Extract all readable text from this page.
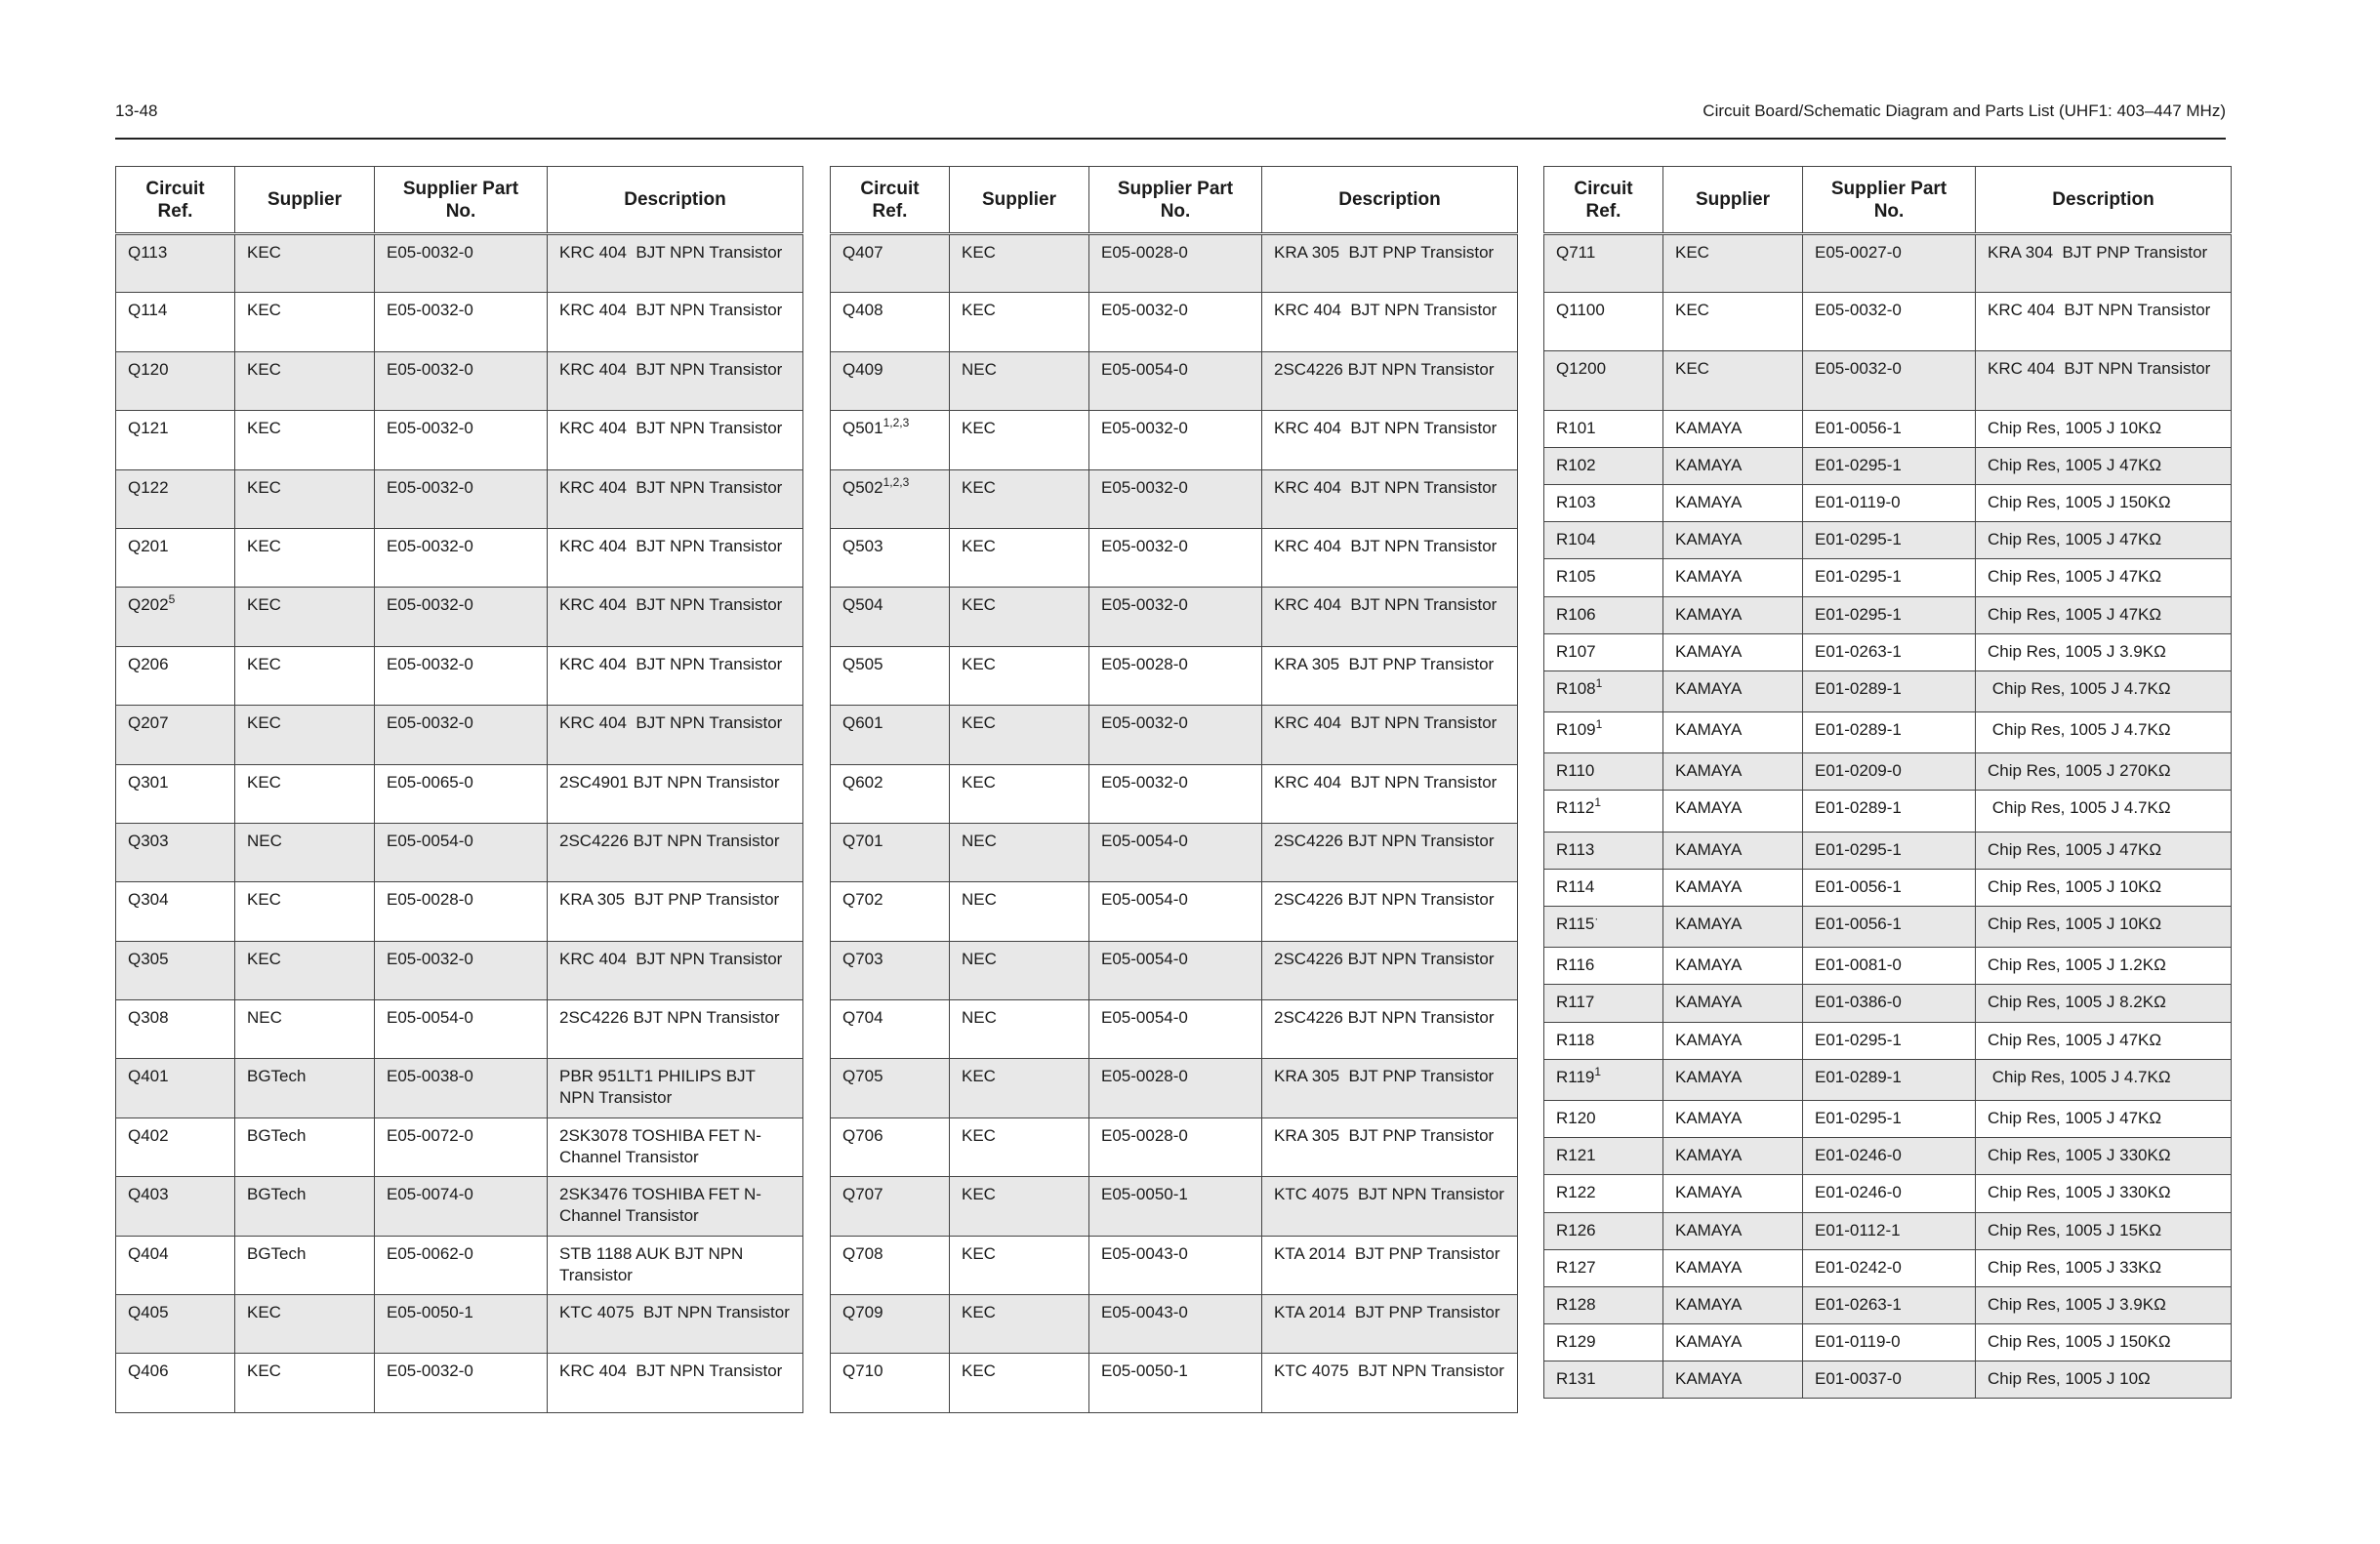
13-48	Circuit Board/Schematic Diagram and Parts List (UHF1: 403–447 MHz)
Circuit
Ref.	Supplier	Supplier Part
No.	Description
Q113	KEC	E05-0032-0	KRC 404  BJT NPN Transistor
Q114	KEC	E05-0032-0	KRC 404  BJT NPN Transistor
Q120	KEC	E05-0032-0	KRC 404  BJT NPN Transistor
Q121	KEC	E05-0032-0	KRC 404  BJT NPN Transistor
Q122	KEC	E05-0032-0	KRC 404  BJT NPN Transistor
Q201	KEC	E05-0032-0	KRC 404  BJT NPN Transistor
$Q202^5$	KEC	E05-0032-0	KRC 404  BJT NPN Transistor
Q206	KEC	E05-0032-0	KRC 404  BJT NPN Transistor
Q207	KEC	E05-0032-0	KRC 404  BJT NPN Transistor
Q301	KEC	E05-0065-0	2SC4901 BJT NPN Transistor
Q303	NEC	E05-0054-0	2SC4226 BJT NPN Transistor
Q304	KEC	E05-0028-0	KRA 305  BJT PNP Transistor
Q305	KEC	E05-0032-0	KRC 404  BJT NPN Transistor
Q308	NEC	E05-0054-0	2SC4226 BJT NPN Transistor
Q401	BGTech	E05-0038-0	PBR 951LT1 PHILIPS BJT NPN Transistor
Q402	BGTech	E05-0072-0	2SK3078 TOSHIBA FET N-Channel Transistor
Q403	BGTech	E05-0074-0	2SK3476 TOSHIBA FET N-Channel Transistor
Q404	BGTech	E05-0062-0	STB 1188 AUK BJT NPN Transistor
Q405	KEC	E05-0050-1	KTC 4075  BJT NPN Transistor
Q406	KEC	E05-0032-0	KRC 404  BJT NPN Transistor
Circuit
Ref.	Supplier	Supplier Part
No.	Description
Q407	KEC	E05-0028-0	KRA 305  BJT PNP Transistor
Q408	KEC	E05-0032-0	KRC 404  BJT NPN Transistor
Q409	NEC	E05-0054-0	2SC4226 BJT NPN Transistor
Q501$^{1,2,3}$	KEC	E05-0032-0	KRC 404  BJT NPN Transistor
Q502$^{1,2,3}$	KEC	E05-0032-0	KRC 404  BJT NPN Transistor
Q503	KEC	E05-0032-0	KRC 404  BJT NPN Transistor
Q504	KEC	E05-0032-0	KRC 404  BJT NPN Transistor
Q505	KEC	E05-0028-0	KRA 305  BJT PNP Transistor
Q601	KEC	E05-0032-0	KRC 404  BJT NPN Transistor
Q602	KEC	E05-0032-0	KRC 404  BJT NPN Transistor
Q701	NEC	E05-0054-0	2SC4226 BJT NPN Transistor
Q702	NEC	E05-0054-0	2SC4226 BJT NPN Transistor
Q703	NEC	E05-0054-0	2SC4226 BJT NPN Transistor
Q704	NEC	E05-0054-0	2SC4226 BJT NPN Transistor
Q705	KEC	E05-0028-0	KRA 305  BJT PNP Transistor
Q706	KEC	E05-0028-0	KRA 305  BJT PNP Transistor
Q707	KEC	E05-0050-1	KTC 4075  BJT NPN Transistor
Q708	KEC	E05-0043-0	KTA 2014  BJT PNP Transistor
Q709	KEC	E05-0043-0	KTA 2014  BJT PNP Transistor
Q710	KEC	E05-0050-1	KTC 4075  BJT NPN Transistor
Circuit
Ref.	Supplier	Supplier Part
No.	Description
Q711	KEC	E05-0027-0	KRA 304  BJT PNP Transistor
Q1100	KEC	E05-0032-0	KRC 404  BJT NPN Transistor
Q1200	KEC	E05-0032-0	KRC 404  BJT NPN Transistor
R101	KAMAYA	E01-0056-1	Chip Res, 1005 J 10KΩ
R102	KAMAYA	E01-0295-1	Chip Res, 1005 J 47KΩ
R103	KAMAYA	E01-0119-0	Chip Res, 1005 J 150KΩ
R104	KAMAYA	E01-0295-1	Chip Res, 1005 J 47KΩ
R105	KAMAYA	E01-0295-1	Chip Res, 1005 J 47KΩ
R106	KAMAYA	E01-0295-1	Chip Res, 1005 J 47KΩ
R107	KAMAYA	E01-0263-1	Chip Res, 1005 J 3.9KΩ
$R108^1$	KAMAYA	E01-0289-1	Chip Res, 1005 J 4.7KΩ
$R109^1$	KAMAYA	E01-0289-1	Chip Res, 1005 J 4.7KΩ
R110	KAMAYA	E01-0209-0	Chip Res, 1005 J 270KΩ
$R112^1$	KAMAYA	E01-0289-1	Chip Res, 1005 J 4.7KΩ
R113	KAMAYA	E01-0295-1	Chip Res, 1005 J 47KΩ
R114	KAMAYA	E01-0056-1	Chip Res, 1005 J 10KΩ
R115·	KAMAYA	E01-0056-1	Chip Res, 1005 J 10KΩ
R116	KAMAYA	E01-0081-0	Chip Res, 1005 J 1.2KΩ
R117	KAMAYA	E01-0386-0	Chip Res, 1005 J 8.2KΩ
R118	KAMAYA	E01-0295-1	Chip Res, 1005 J 47KΩ
$R119^1$	KAMAYA	E01-0289-1	Chip Res, 1005 J 4.7KΩ
R120	KAMAYA	E01-0295-1	Chip Res, 1005 J 47KΩ
R121	KAMAYA	E01-0246-0	Chip Res, 1005 J 330KΩ
R122	KAMAYA	E01-0246-0	Chip Res, 1005 J 330KΩ
R126	KAMAYA	E01-0112-1	Chip Res, 1005 J 15KΩ
R127	KAMAYA	E01-0242-0	Chip Res, 1005 J 33KΩ
R128	KAMAYA	E01-0263-1	Chip Res, 1005 J 3.9KΩ
R129	KAMAYA	E01-0119-0	Chip Res, 1005 J 150KΩ
R131	KAMAYA	E01-0037-0	Chip Res, 1005 J 10Ω
